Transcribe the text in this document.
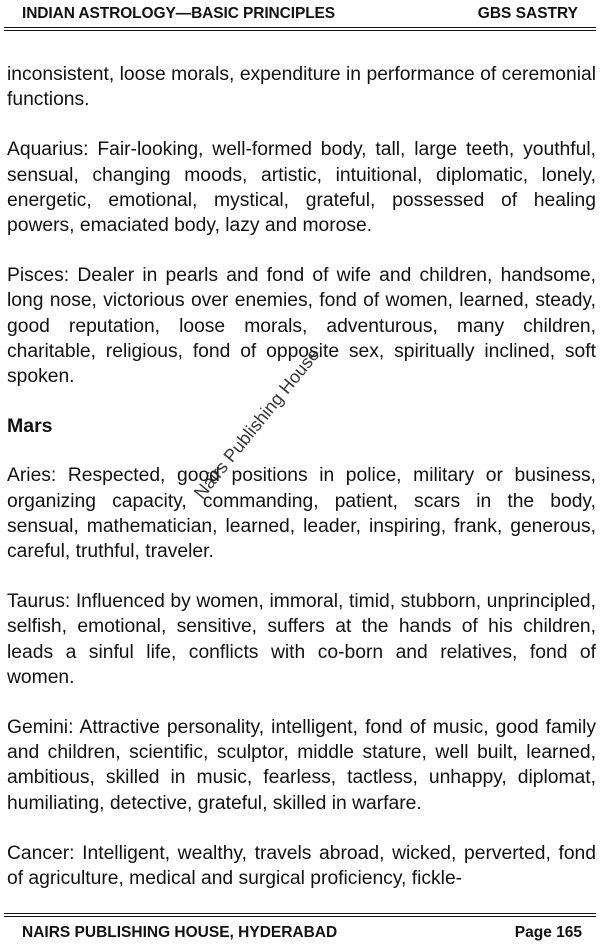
INDIAN ASTROLOGY—BASIC PRINCIPLES	GBS SASTRY

inconsistent, loose morals, expenditure in performance of ceremonial functions.

Aquarius: Fair-looking, well-formed body, tall, large teeth, youthful, sensual, changing moods, artistic, intuitional, diplomatic, lonely, energetic, emotional, mystical, grateful, possessed of healing powers, emaciated body, lazy and morose.

Pisces: Dealer in pearls and fond of wife and children, handsome, long nose, victorious over enemies, fond of women, learned, steady, good reputation, loose morals, adventurous, many children, charitable, religious, fond of opposite sex, spiritually inclined, soft spoken.

Mars

Aries: Respected, good positions in police, military or business, organizing capacity, commanding, patient, scars in the body, sensual, mathematician, learned, leader, inspiring, frank, generous, careful, truthful, traveler.

Taurus: Influenced by women, immoral, timid, stubborn, unprincipled, selfish, emotional, sensitive, suffers at the hands of his children, leads a sinful life, conflicts with co-born and relatives, fond of women.

Gemini: Attractive personality, intelligent, fond of music, good family and children, scientific, sculptor, middle stature, well built, learned, ambitious, skilled in music, fearless, tactless, unhappy, diplomat, humiliating, detective, grateful, skilled in warfare.

Cancer: Intelligent, wealthy, travels abroad, wicked, perverted, fond of agriculture, medical and surgical proficiency, fickle-

Nairs Publishing House
NAIRS PUBLISHING HOUSE, HYDERABAD	Page 165
